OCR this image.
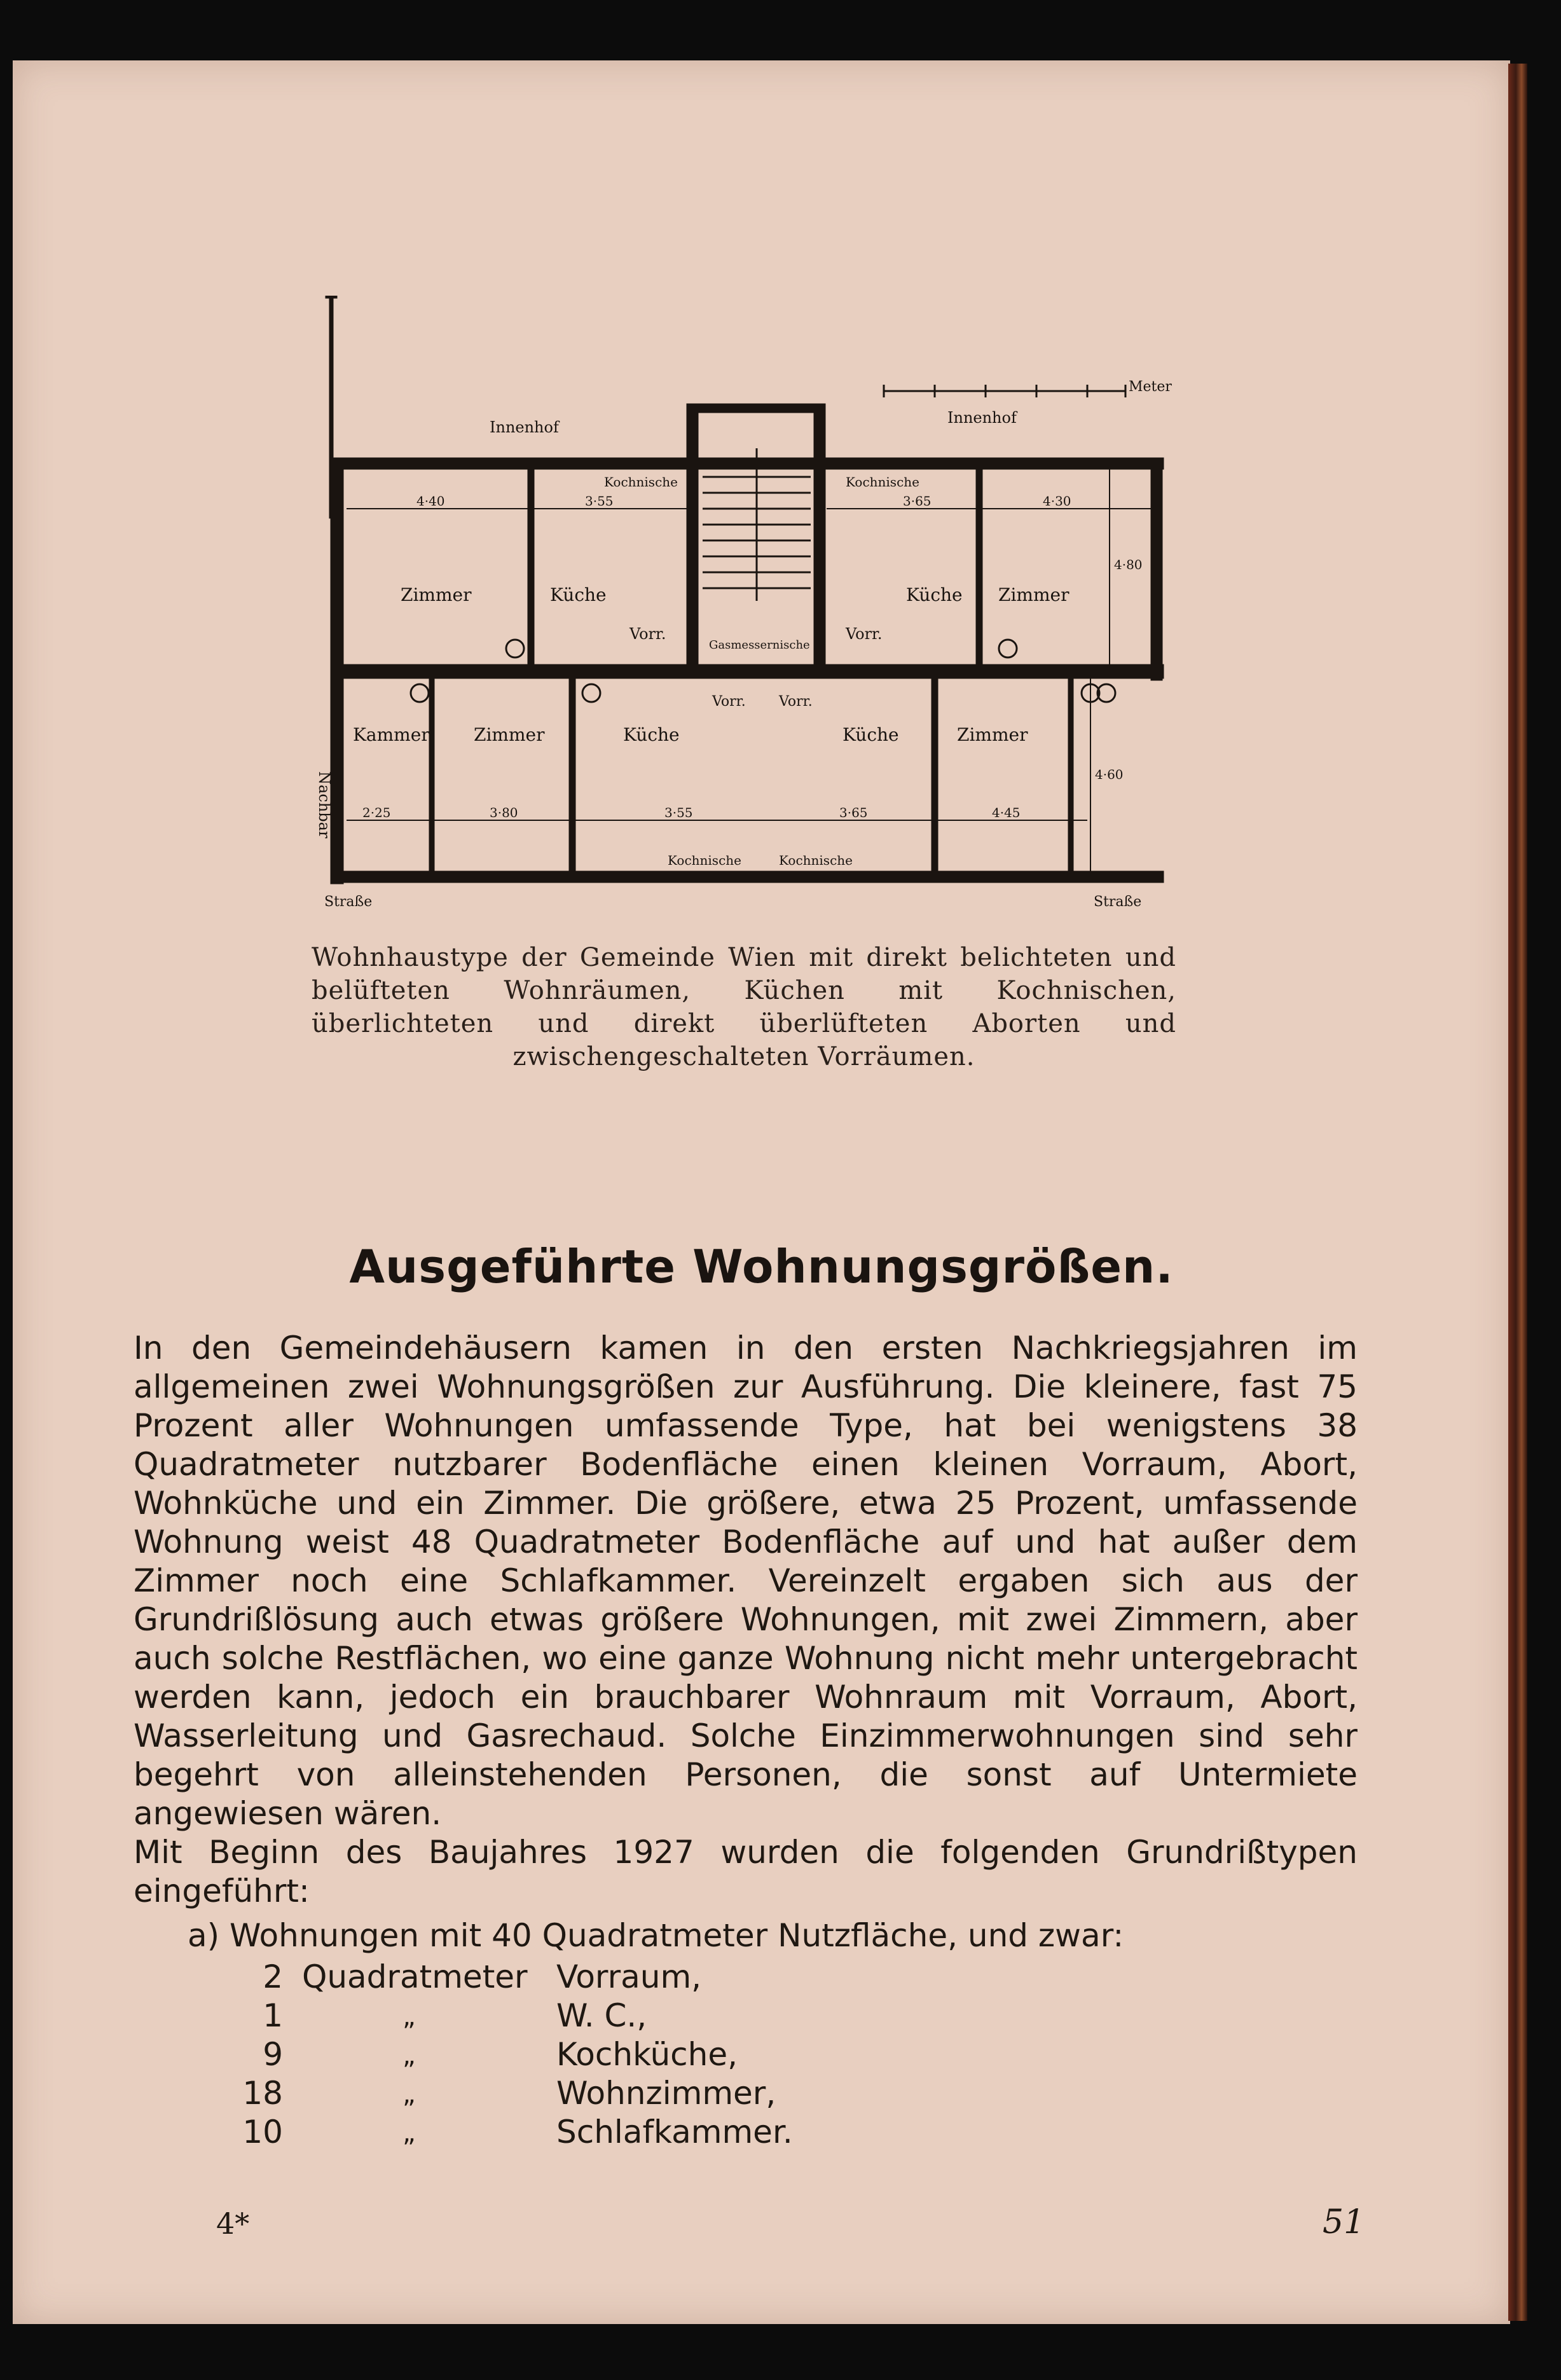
Innenhof
Innenhof
Meter
Nachbar
Straße	Straße
Zimmer	Küche	Küche Zimmer
Vorr.	Vorr.
Kochnische	Kochnische
Gasmessernische
Kammer Zimmer	Küche	Küche	Zimmer
Vorr. Vorr.
Kochnische	Kochnische
4·40	3·55	3·65	4·30
4·80
4·60
2·25	3·80	3·55	3·65	4·45
Wohnhaustype der Gemeinde Wien mit direkt belichteten und belüfteten Wohnräumen, Küchen mit Kochnischen, überlichteten und direkt überlüfteten Aborten und zwischengeschalteten Vorräumen.
Ausgeführte Wohnungsgrößen.

In den Gemeindehäusern kamen in den ersten Nachkriegsjahren im allgemeinen zwei Wohnungsgrößen zur Ausführung. Die kleinere, fast 75 Prozent aller Wohnungen umfassende Type, hat bei wenigstens 38 Quadratmeter nutzbarer Bodenfläche einen kleinen Vorraum, Abort, Wohnküche und ein Zimmer. Die größere, etwa 25 Prozent, umfassende Wohnung weist 48 Quadratmeter Bodenfläche auf und hat außer dem Zimmer noch eine Schlafkammer. Vereinzelt ergaben sich aus der Grundrißlösung auch etwas größere Wohnungen, mit zwei Zimmern, aber auch solche Restflächen, wo eine ganze Wohnung nicht mehr untergebracht werden kann, jedoch ein brauchbarer Wohnraum mit Vorraum, Abort, Wasserleitung und Gasrechaud. Solche Einzimmerwohnungen sind sehr begehrt von alleinstehenden Personen, die sonst auf Untermiete angewiesen wären.

Mit Beginn des Baujahres 1927 wurden die folgenden Grundrißtypen eingeführt:

a) Wohnungen mit 40 Quadratmeter Nutzfläche, und zwar:
2 Quadratmeter Vorraum,
1	„	W. C.,
9	„	Kochküche,
18	„	Wohnzimmer,
10	„	Schlafkammer.
4*	51
